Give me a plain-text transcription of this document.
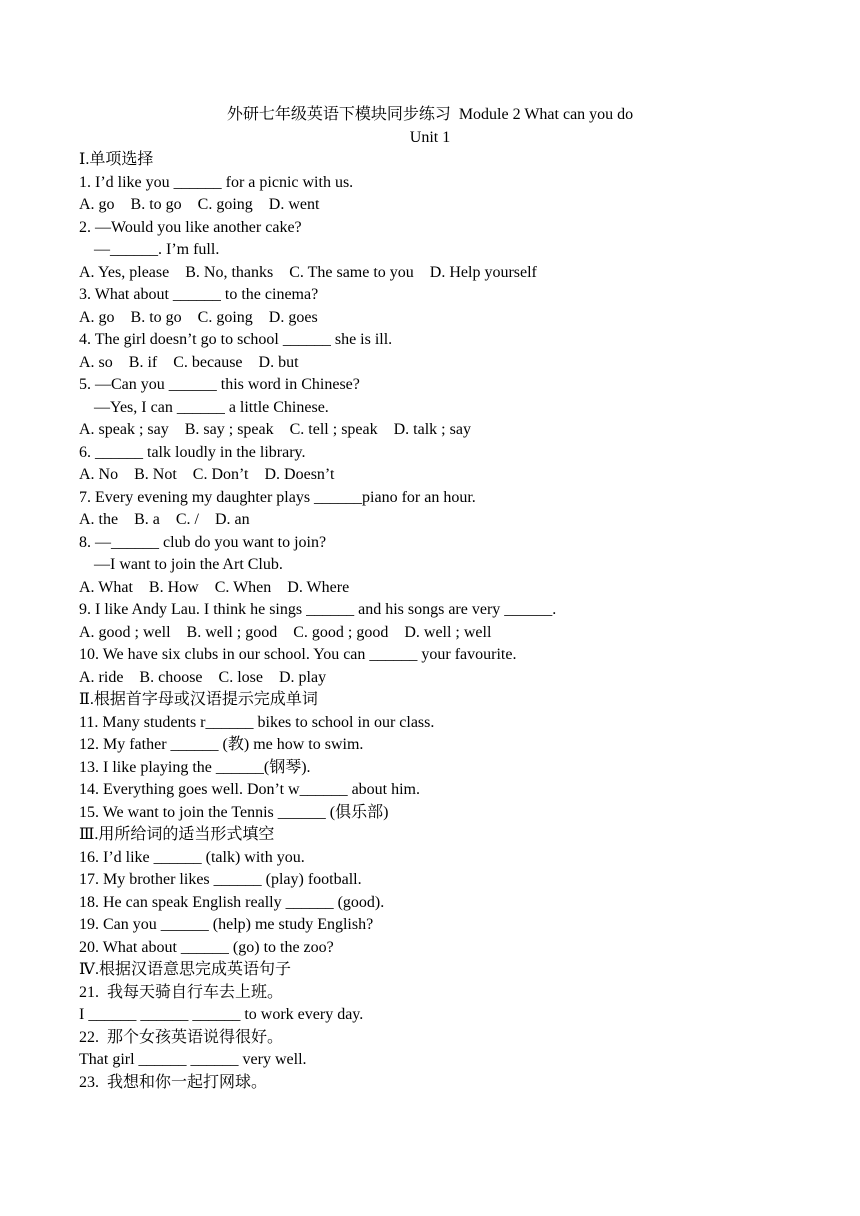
外研七年级英语下模块同步练习  Module 2 What can you do
Unit 1
Ⅰ.单项选择
1. I’d like you ______ for a picnic with us.
A. go    B. to go    C. going    D. went
2. —Would you like another cake?
—______. I’m full.
A. Yes, please    B. No, thanks    C. The same to you    D. Help yourself
3. What about ______ to the cinema?
A. go    B. to go    C. going    D. goes
4. The girl doesn’t go to school ______ she is ill.
A. so    B. if    C. because    D. but
5. —Can you ______ this word in Chinese?
—Yes, I can ______ a little Chinese.
A. speak ; say    B. say ; speak    C. tell ; speak    D. talk ; say
6. ______ talk loudly in the library.
A. No    B. Not    C. Don’t    D. Doesn’t
7. Every evening my daughter plays ______piano for an hour.
A. the    B. a    C. /    D. an
8. —______ club do you want to join?
—I want to join the Art Club.
A. What    B. How    C. When    D. Where
9. I like Andy Lau. I think he sings ______ and his songs are very ______.
A. good ; well    B. well ; good    C. good ; good    D. well ; well
10. We have six clubs in our school. You can ______ your favourite.
A. ride    B. choose    C. lose    D. play
Ⅱ.根据首字母或汉语提示完成单词
11. Many students r______ bikes to school in our class.
12. My father ______ (教) me how to swim.
13. I like playing the ______(钢琴).
14. Everything goes well. Don’t w______ about him.
15. We want to join the Tennis ______ (俱乐部)
Ⅲ.用所给词的适当形式填空
16. I’d like ______ (talk) with you.
17. My brother likes ______ (play) football.
18. He can speak English really ______ (good).
19. Can you ______ (help) me study English?
20. What about ______ (go) to the zoo?
Ⅳ.根据汉语意思完成英语句子
21.  我每天骑自行车去上班。
I ______ ______ ______ to work every day.
22.  那个女孩英语说得很好。
That girl ______ ______ very well.
23.  我想和你一起打网球。
